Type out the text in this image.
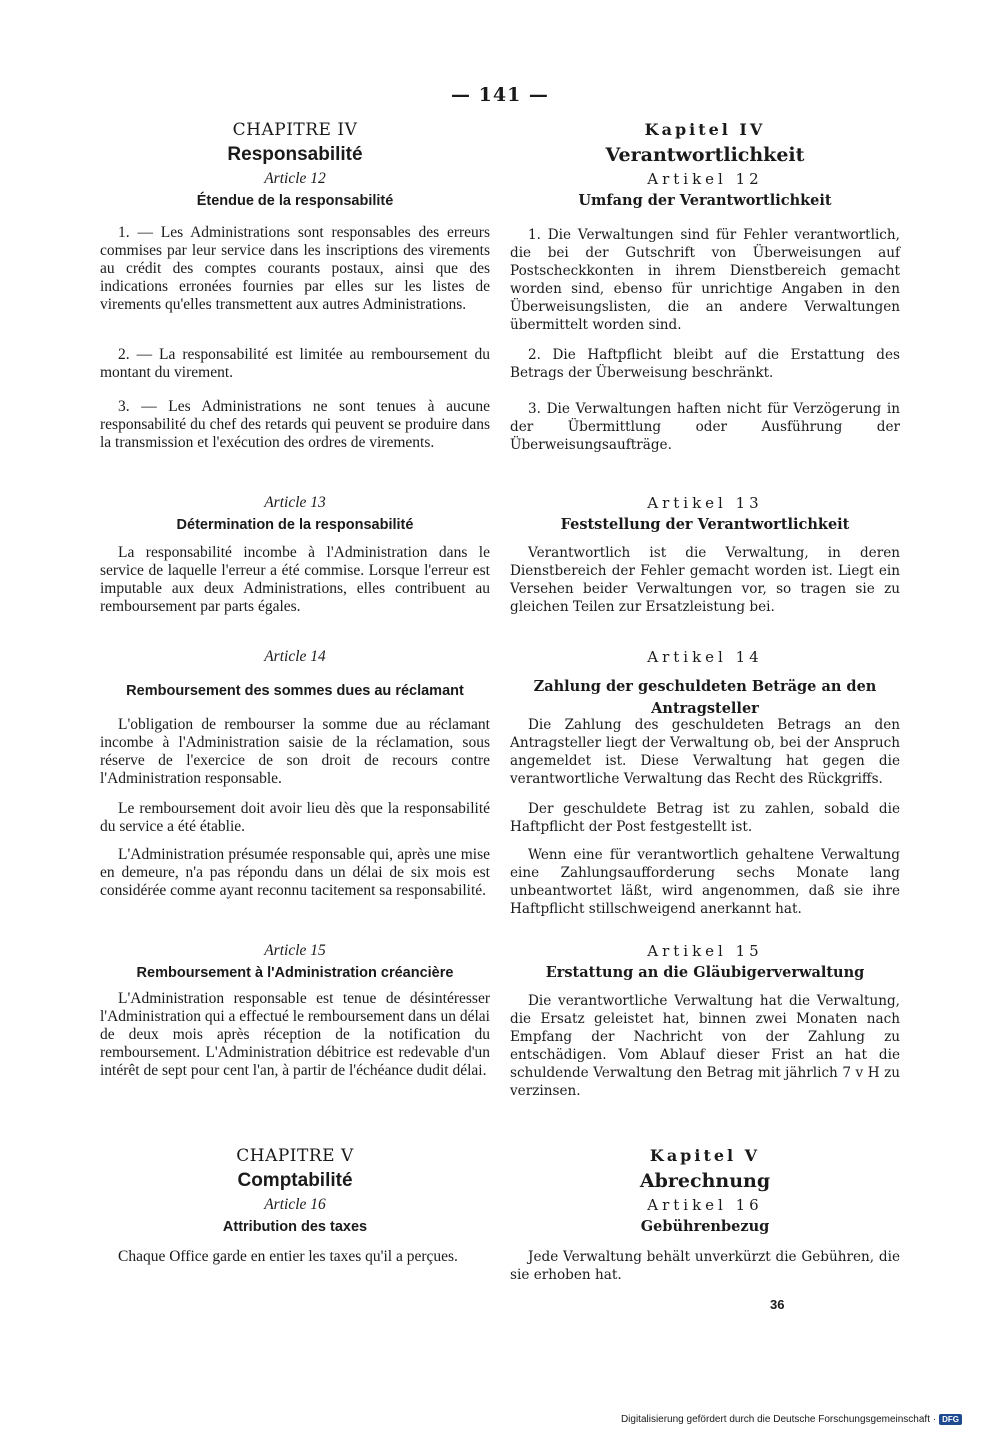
— 141 —
CHAPITRE IV
Responsabilité
Article 12
Étendue de la responsabilité

1. — Les Administrations sont responsables des erreurs commises par leur service dans les inscriptions des virements au crédit des comptes courants postaux, ainsi que des indications erronées fournies par elles sur les listes de virements qu'elles transmettent aux autres Administrations.

2. — La responsabilité est limitée au remboursement du montant du virement.

3. — Les Administrations ne sont tenues à aucune responsabilité du chef des retards qui peuvent se produire dans la transmission et l'exécution des ordres de virements.

Article 13
Détermination de la responsabilité

La responsabilité incombe à l'Administration dans le service de laquelle l'erreur a été commise. Lorsque l'erreur est imputable aux deux Administrations, elles contribuent au remboursement par parts égales.

Article 14
Remboursement des sommes dues au réclamant

L'obligation de rembourser la somme due au réclamant incombe à l'Administration saisie de la réclamation, sous réserve de l'exercice de son droit de recours contre l'Administration responsable.

Le remboursement doit avoir lieu dès que la responsabilité du service a été établie.

L'Administration présumée responsable qui, après une mise en demeure, n'a pas répondu dans un délai de six mois est considérée comme ayant reconnu tacitement sa responsabilité.

Article 15
Remboursement à l'Administration créancière

L'Administration responsable est tenue de désintéresser l'Administration qui a effectué le remboursement dans un délai de deux mois après réception de la notification du remboursement. L'Administration débitrice est redevable d'un intérêt de sept pour cent l'an, à partir de l'échéance dudit délai.

CHAPITRE V
Comptabilité
Article 16
Attribution des taxes

Chaque Office garde en entier les taxes qu'il a perçues.

Kapitel IV
Verantwortlichkeit
Artikel 12
Umfang der Verantwortlichkeit

1. Die Verwaltungen sind für Fehler verantwortlich, die bei der Gutschrift von Überweisungen auf Postscheckkonten in ihrem Dienstbereich gemacht worden sind, ebenso für unrichtige Angaben in den Überweisungslisten, die an andere Verwaltungen übermittelt worden sind.

2. Die Haftpflicht bleibt auf die Erstattung des Betrags der Überweisung beschränkt.

3. Die Verwaltungen haften nicht für Verzögerung in der Übermittlung oder Ausführung der Überweisungsaufträge.

Artikel 13
Feststellung der Verantwortlichkeit

Verantwortlich ist die Verwaltung, in deren Dienstbereich der Fehler gemacht worden ist. Liegt ein Versehen beider Verwaltungen vor, so tragen sie zu gleichen Teilen zur Ersatzleistung bei.

Artikel 14
Zahlung der geschuldeten Beträge an den Antragsteller

Die Zahlung des geschuldeten Betrags an den Antragsteller liegt der Verwaltung ob, bei der Anspruch angemeldet ist. Diese Verwaltung hat gegen die verantwortliche Verwaltung das Recht des Rückgriffs.

Der geschuldete Betrag ist zu zahlen, sobald die Haftpflicht der Post festgestellt ist.

Wenn eine für verantwortlich gehaltene Verwaltung eine Zahlungsaufforderung sechs Monate lang unbeantwortet läßt, wird angenommen, daß sie ihre Haftpflicht stillschweigend anerkannt hat.

Artikel 15
Erstattung an die Gläubigerverwaltung

Die verantwortliche Verwaltung hat die Verwaltung, die Ersatz geleistet hat, binnen zwei Monaten nach Empfang der Nachricht von der Zahlung zu entschädigen. Vom Ablauf dieser Frist an hat die schuldende Verwaltung den Betrag mit jährlich 7 v H zu verzinsen.

Kapitel V
Abrechnung
Artikel 16
Gebührenbezug

Jede Verwaltung behält unverkürzt die Gebühren, die sie erhoben hat.

36
Digitalisierung gefördert durch die Deutsche Forschungsgemeinschaft · DFG
